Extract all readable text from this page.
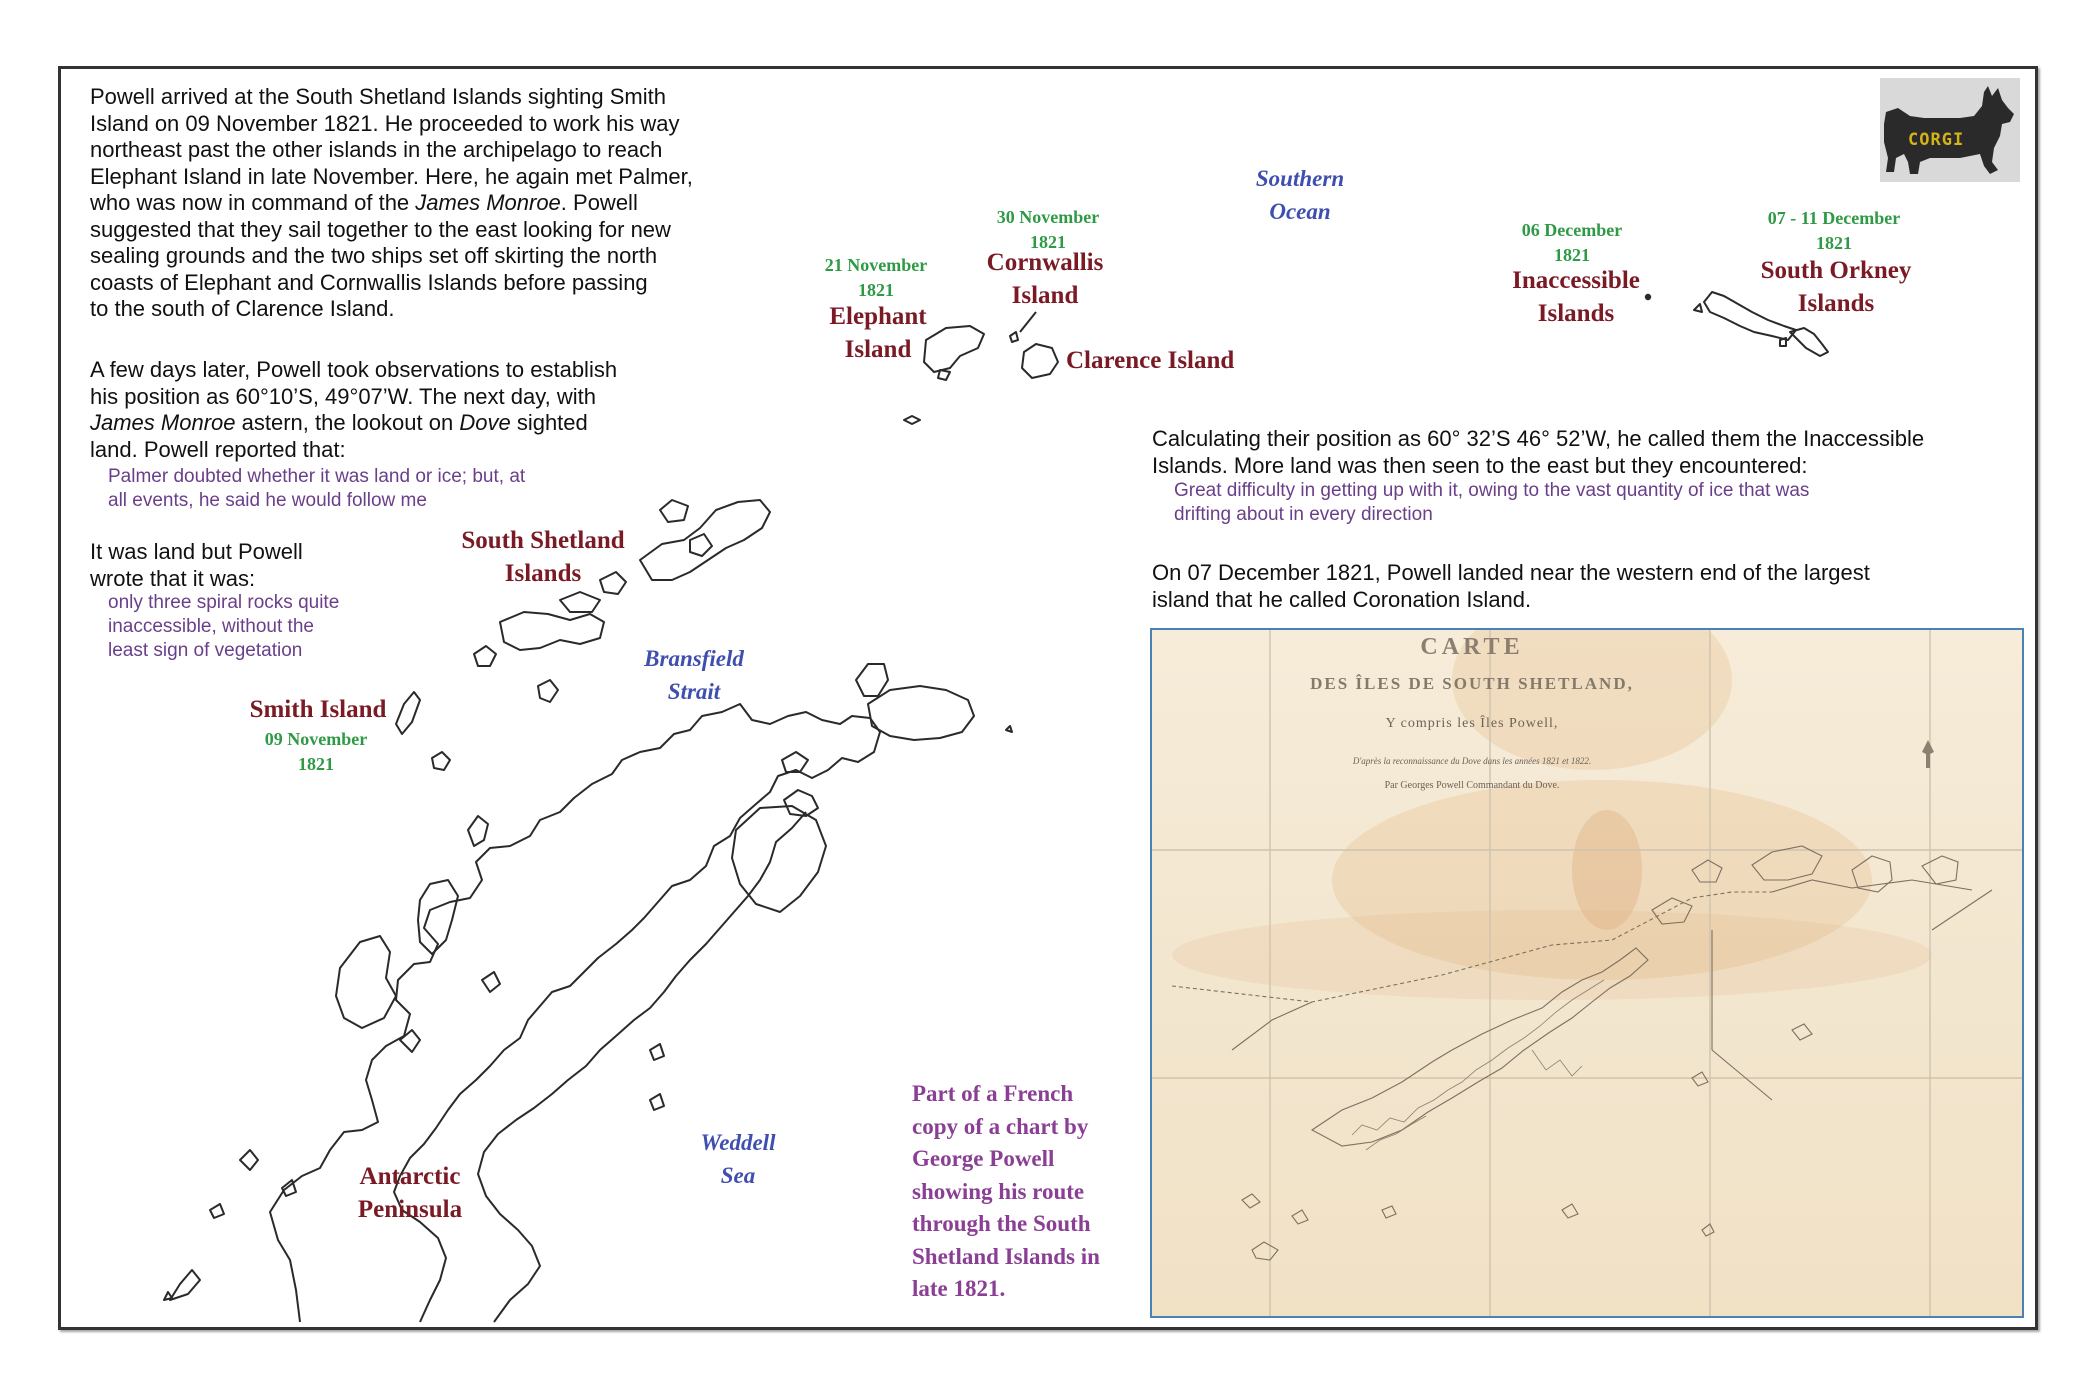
Powell arrived at the South Shetland Islands sighting Smith
Island on 09 November 1821. He proceeded to work his way
northeast past the other islands in the archipelago to reach
Elephant Island in late November. Here, he again met Palmer,
who was now in command of the James Monroe. Powell
suggested that they sail together to the east looking for new
sealing grounds and the two ships set off skirting the north
coasts of Elephant and Cornwallis Islands before passing
to the south of Clarence Island.

A few days later, Powell took observations to establish
his position as 60°10’S, 49°07’W. The next day, with
James Monroe astern, the lookout on Dove sighted
land. Powell reported that:

Palmer doubted whether it was land or ice; but, at
all events, he said he would follow me

It was land but Powell
wrote that it was:

only three spiral rocks quite
inaccessible, without the
least sign of vegetation

Calculating their position as 60° 32’S 46° 52’W, he called them the Inaccessible
Islands. More land was then seen to the east but they encountered:

Great difficulty in getting up with it, owing to the vast quantity of ice that was
drifting about in every direction

On 07 December 1821, Powell landed near the western end of the largest
island that he called Coronation Island.

21 November
1821
Elephant
Island
30 November
1821
Cornwallis
Island
Clarence Island
Southern
Ocean
06 December
1821
Inaccessible
Islands
07 - 11 December
1821
South Orkney
Islands
South Shetland
Islands
Bransfield
Strait
Smith Island
09 November
1821
Antarctic
Peninsula
Weddell
Sea
Part of a French
copy of a chart by
George Powell
showing his route
through the South
Shetland Islands in
late 1821.
CARTE
DES ÎLES DE SOUTH SHETLAND,
Y compris les Îles Powell,
D'après la reconnaissance du Dove dans les années 1821 et 1822.
Par Georges Powell Commandant du Dove.
CORGI
